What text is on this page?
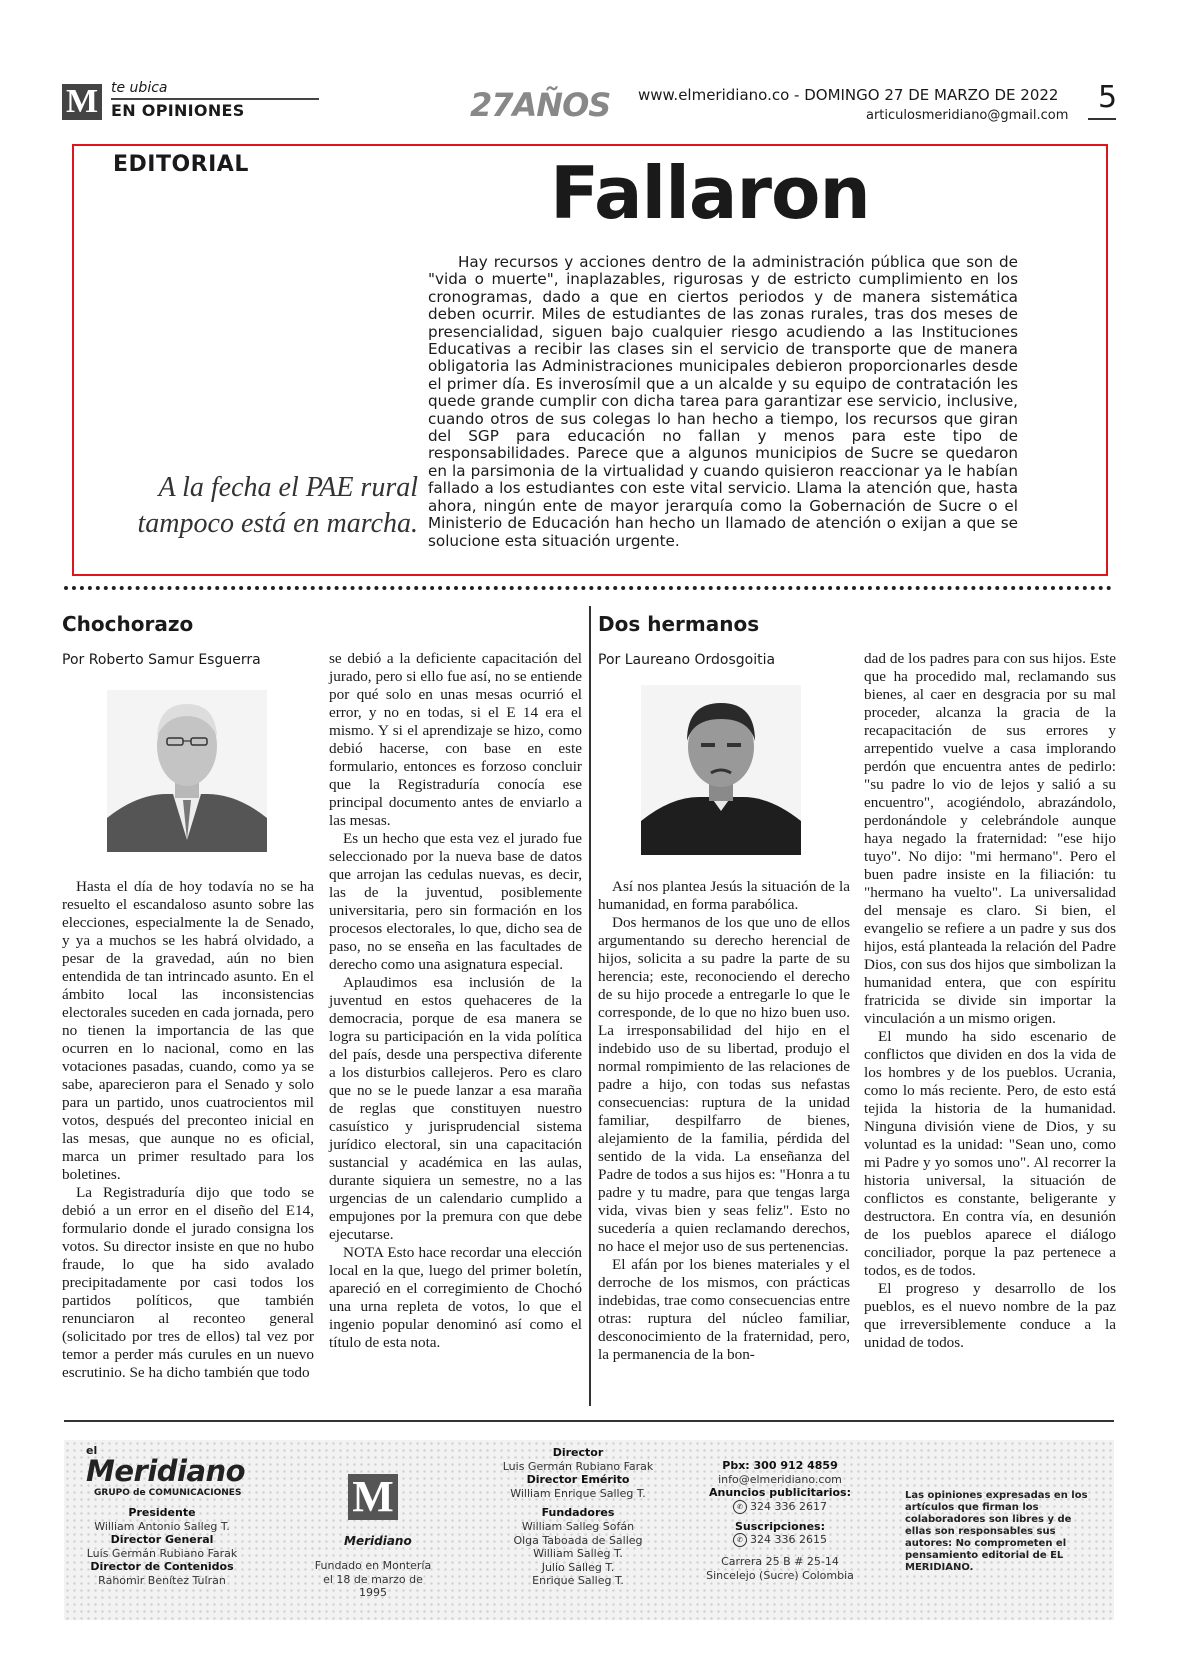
M te ubica
EN OPINIONES	27AÑOS www.elmeridiano.co - DOMINGO 27 DE MARZO DE 2022
articulosmeridiano@gmail.com
5
EDITORIAL	Fallaron
A la fecha el PAE rural tampoco está en marcha.

Hay recursos y acciones dentro de la administración pública que son de "vida o muerte", inaplazables, rigurosas y de estricto cumplimiento en los cronogramas, dado a que en ciertos periodos y de manera sistemática deben ocurrir. Miles de estudiantes de las zonas rurales, tras dos meses de presencialidad, siguen bajo cualquier riesgo acudiendo a las Instituciones Educativas a recibir las clases sin el servicio de transporte que de manera obligatoria las Administraciones municipales debieron proporcionarles desde el primer día. Es inverosímil que a un alcalde y su equipo de contratación les quede grande cumplir con dicha tarea para garantizar ese servicio, inclusive, cuando otros de sus colegas lo han hecho a tiempo, los recursos que giran del SGP para educación no fallan y menos para este tipo de responsabilidades. Parece que a algunos municipios de Sucre se quedaron en la parsimonia de la virtualidad y cuando quisieron reaccionar ya le habían fallado a los estudiantes con este vital servicio. Llama la atención que, hasta ahora, ningún ente de mayor jerarquía como la Gobernación de Sucre o el Ministerio de Educación han hecho un llamado de atención o exijan a que se solucione esta situación urgente.

Chochorazo
Por Roberto Samur Esguerra

Hasta el día de hoy todavía no se ha resuelto el escandaloso asunto sobre las elecciones, especialmente la de Senado, y ya a muchos se les habrá olvidado, a pesar de la gravedad, aún no bien entendida de tan intrincado asunto. En el ámbito local las inconsistencias electorales suceden en cada jornada, pero no tienen la importancia de las que ocurren en lo nacional, como en las votaciones pasadas, cuando, como ya se sabe, aparecieron para el Senado y solo para un partido, unos cuatrocientos mil votos, después del preconteo inicial en las mesas, que aunque no es oficial, marca un primer resultado para los boletines.

La Registraduría dijo que todo se debió a un error en el diseño del E14, formulario donde el jurado consigna los votos. Su director insiste en que no hubo fraude, lo que ha sido avalado precipitadamente por casi todos los partidos políticos, que también renunciaron al reconteo general (solicitado por tres de ellos) tal vez por temor a perder más curules en un nuevo escrutinio. Se ha dicho también que todo

se debió a la deficiente capacitación del jurado, pero si ello fue así, no se entiende por qué solo en unas mesas ocurrió el error, y no en todas, si el E 14 era el mismo. Y si el aprendizaje se hizo, como debió hacerse, con base en este formulario, entonces es forzoso concluir que la Registraduría conocía ese principal documento antes de enviarlo a las mesas.

Es un hecho que esta vez el jurado fue seleccionado por la nueva base de datos que arrojan las cedulas nuevas, es decir, las de la juventud, posiblemente universitaria, pero sin formación en los procesos electorales, lo que, dicho sea de paso, no se enseña en las facultades de derecho como una asignatura especial.

Aplaudimos esa inclusión de la juventud en estos quehaceres de la democracia, porque de esa manera se logra su participación en la vida política del país, desde una perspectiva diferente a los disturbios callejeros. Pero es claro que no se le puede lanzar a esa maraña de reglas que constituyen nuestro casuístico y jurisprudencial sistema jurídico electoral, sin una capacitación sustancial y académica en las aulas, durante siquiera un semestre, no a las urgencias de un calendario cumplido a empujones por la premura con que debe ejecutarse.

NOTA Esto hace recordar una elección local en la que, luego del primer boletín, apareció en el corregimiento de Chochó una urna repleta de votos, lo que el ingenio popular denominó así como el título de esta nota.

Dos hermanos
Por Laureano Ordosgoitia

Así nos plantea Jesús la situación de la humanidad, en forma parabólica.

Dos hermanos de los que uno de ellos argumentando su derecho herencial de hijos, solicita a su padre la parte de su herencia; este, reconociendo el derecho de su hijo procede a entregarle lo que le corresponde, de lo que no hizo buen uso. La irresponsabilidad del hijo en el indebido uso de su libertad, produjo el normal rompimiento de las relaciones de padre a hijo, con todas sus nefastas consecuencias: ruptura de la unidad familiar, despilfarro de bienes, alejamiento de la familia, pérdida del sentido de la vida. La enseñanza del Padre de todos a sus hijos es: "Honra a tu padre y tu madre, para que tengas larga vida, vivas bien y seas feliz". Esto no sucedería a quien reclamando derechos, no hace el mejor uso de sus pertenencias.

El afán por los bienes materiales y el derroche de los mismos, con prácticas indebidas, trae como consecuencias entre otras: ruptura del núcleo familiar, desconocimiento de la fraternidad, pero, la permanencia de la bon-

dad de los padres para con sus hijos. Este que ha procedido mal, reclamando sus bienes, al caer en desgracia por su mal proceder, alcanza la gracia de la recapacitación de sus errores y arrepentido vuelve a casa implorando perdón que encuentra antes de pedirlo: "su padre lo vio de lejos y salió a su encuentro", acogiéndolo, abrazándolo, perdonándole y celebrándole aunque haya negado la fraternidad: "ese hijo tuyo". No dijo: "mi hermano". Pero el buen padre insiste en la filiación: tu "hermano ha vuelto". La universalidad del mensaje es claro. Si bien, el evangelio se refiere a un padre y sus dos hijos, está planteada la relación del Padre Dios, con sus dos hijos que simbolizan la humanidad entera, que con espíritu fratricida se divide sin importar la vinculación a un mismo origen.

El mundo ha sido escenario de conflictos que dividen en dos la vida de los hombres y de los pueblos. Ucrania, como lo más reciente. Pero, de esto está tejida la historia de la humanidad. Ninguna división viene de Dios, y su voluntad es la unidad: "Sean uno, como mi Padre y yo somos uno". Al recorrer la historia universal, la situación de conflictos es constante, beligerante y destructora. En contra vía, en desunión de los pueblos aparece el diálogo conciliador, porque la paz pertenece a todos, es de todos.

El progreso y desarrollo de los pueblos, es el nuevo nombre de la paz que irreversiblemente conduce a la unidad de todos.

el
Meridiano
GRUPO de COMUNICACIONES
Presidente
William Antonio Salleg T.
Director General
Luis Germán Rubiano Farak
Director de Contenidos
Rahomir Benítez Tulran
M
Meridiano
Fundado en Montería el 18 de marzo de 1995
Director
Luis Germán Rubiano Farak
Director Emérito
William Enrique Salleg T.
Fundadores
William Salleg Sofán
Olga Taboada de Salleg
William Salleg T.
Julio Salleg T.
Enrique Salleg T.
Pbx: 300 912 4859
info@elmeridiano.com
Anuncios publicitarios:
✆ 324 336 2617
Suscripciones:
✆ 324 336 2615
Carrera 25 B # 25-14
Sincelejo (Sucre) Colombia
Las opiniones expresadas en los artículos que firman los colaboradores son libres y de ellas son responsables sus autores: No comprometen el pensamiento editorial de EL MERIDIANO.
